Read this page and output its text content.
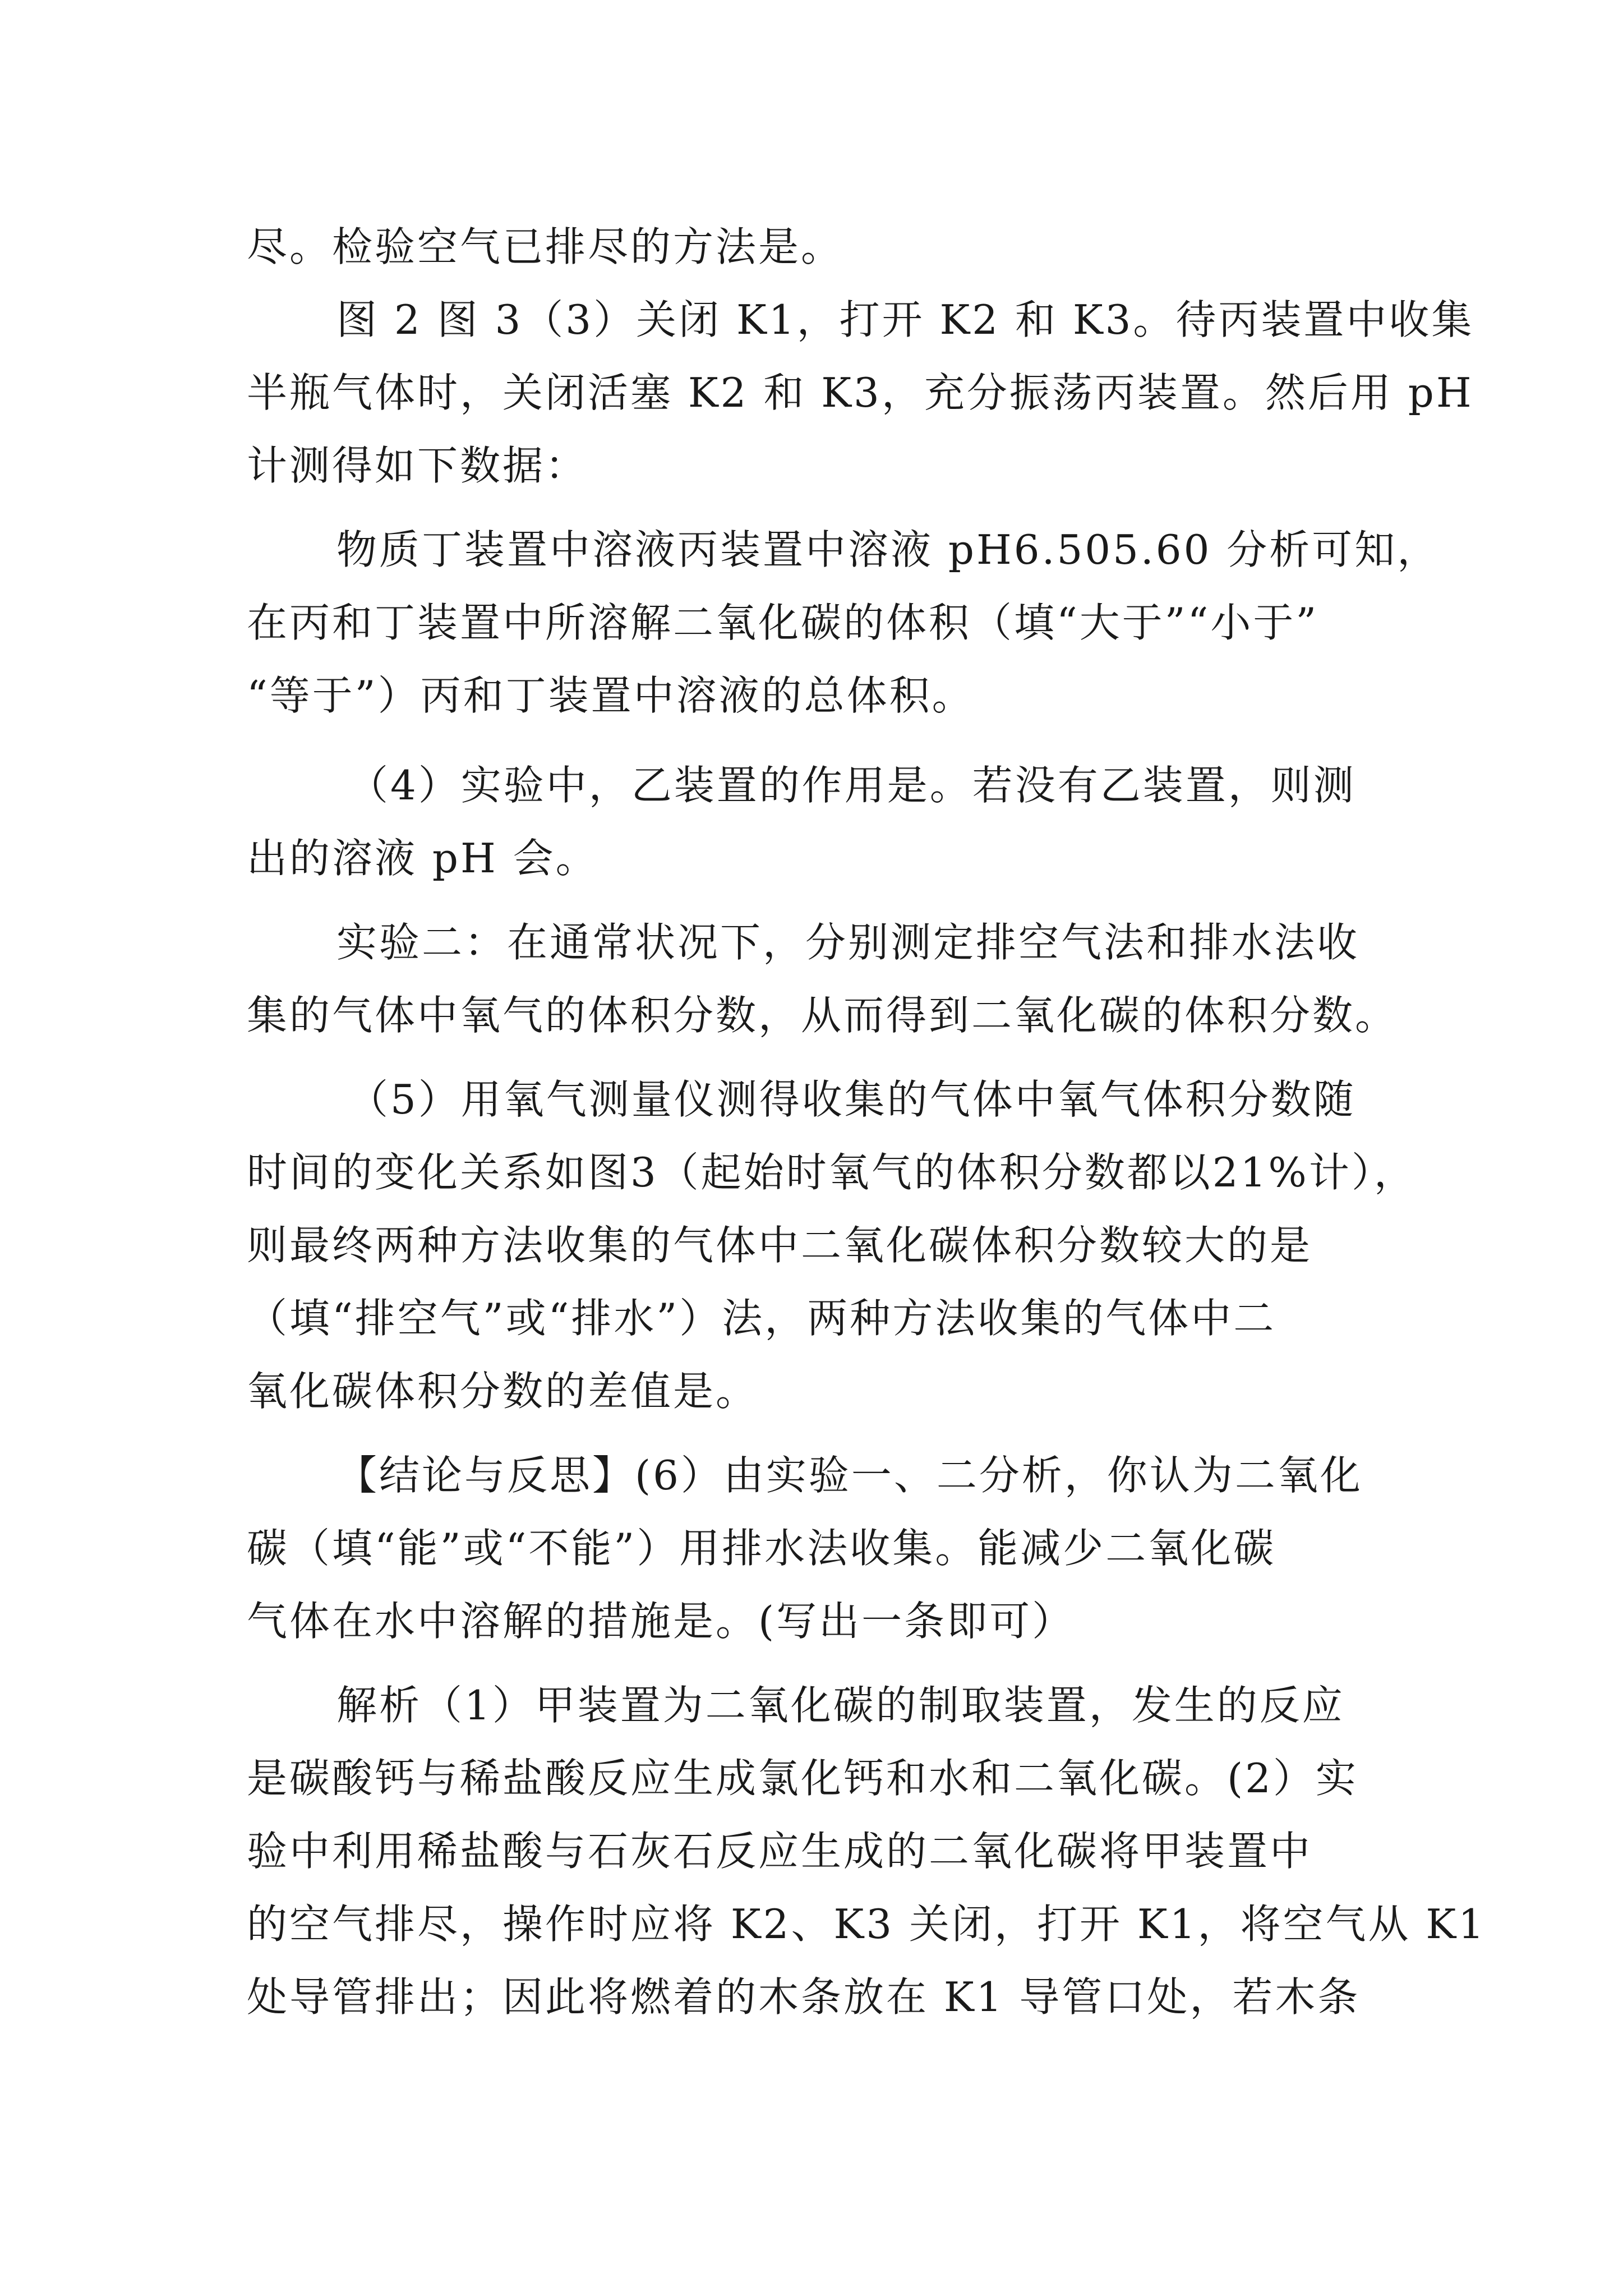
尽。检验空气已排尽的方法是。
图 2 图 3（3）关闭 K1，打开 K2 和 K3。待丙装置中收集
半瓶气体时，关闭活塞 K2 和 K3，充分振荡丙装置。然后用 pH
计测得如下数据：
物质丁装置中溶液丙装置中溶液 pH6.505.60 分析可知，
在丙和丁装置中所溶解二氧化碳的体积（填“大于”“小于”
“等于”）丙和丁装置中溶液的总体积。
（4）实验中，乙装置的作用是。若没有乙装置，则测
出的溶液 pH 会。
实验二：在通常状况下，分别测定排空气法和排水法收
集的气体中氧气的体积分数，从而得到二氧化碳的体积分数。
（5）用氧气测量仪测得收集的气体中氧气体积分数随
时间的变化关系如图3（起始时氧气的体积分数都以21%计），
则最终两种方法收集的气体中二氧化碳体积分数较大的是
（填“排空气”或“排水”）法，两种方法收集的气体中二
氧化碳体积分数的差值是。
【结论与反思】(6）由实验一、二分析，你认为二氧化
碳（填“能”或“不能”）用排水法收集。能减少二氧化碳
气体在水中溶解的措施是。(写出一条即可）
解析（1）甲装置为二氧化碳的制取装置，发生的反应
是碳酸钙与稀盐酸反应生成氯化钙和水和二氧化碳。(2）实
验中利用稀盐酸与石灰石反应生成的二氧化碳将甲装置中
的空气排尽，操作时应将 K2、K3 关闭，打开 K1，将空气从 K1
处导管排出；因此将燃着的木条放在 K1 导管口处，若木条
